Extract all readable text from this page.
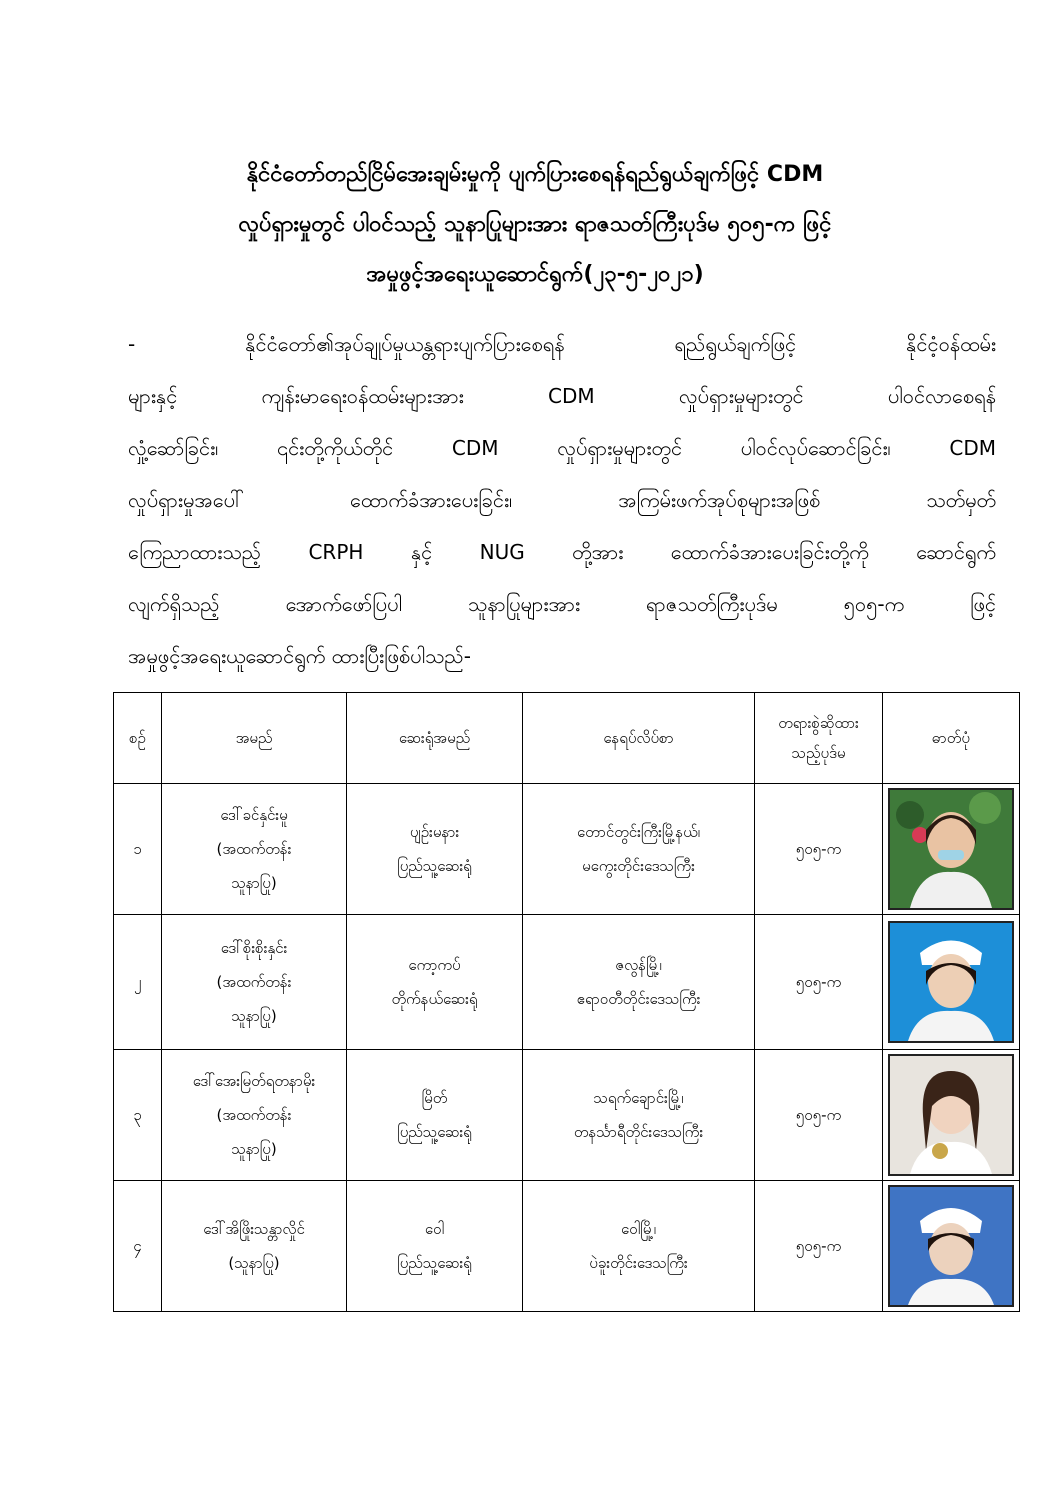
နိုင်ငံတော်တည်ငြိမ်အေးချမ်းမှုကို ပျက်ပြားစေရန်ရည်ရွယ်ချက်ဖြင့် CDM
လှုပ်ရှားမှုတွင် ပါဝင်သည့် သူနာပြုများအား ရာဇသတ်ကြီးပုဒ်မ ၅၀၅-က ဖြင့်
အမှုဖွင့်အရေးယူဆောင်ရွက်(၂၃-၅-၂၀၂၁)
- နိုင်ငံတော်၏အုပ်ချုပ်မှုယန္တရားပျက်ပြားစေရန် ရည်ရွယ်ချက်ဖြင့် နိုင်ငံ့ဝန်ထမ်း
များနှင့် ကျန်းမာရေးဝန်ထမ်းများအား CDM လှုပ်ရှားမှုများတွင် ပါဝင်လာစေရန်
လှုံ့ဆော်ခြင်း၊ ၎င်းတို့ကိုယ်တိုင် CDM လှုပ်ရှားမှုများတွင် ပါဝင်လုပ်ဆောင်ခြင်း၊ CDM
လှုပ်ရှားမှုအပေါ် ထောက်ခံအားပေးခြင်း၊ အကြမ်းဖက်အုပ်စုများအဖြစ် သတ်မှတ်
ကြေညာထားသည့် CRPH နှင့် NUG တို့အား ထောက်ခံအားပေးခြင်းတို့ကို ဆောင်ရွက်
လျက်ရှိသည့် အောက်ဖော်ပြပါ သူနာပြုများအား ရာဇသတ်ကြီးပုဒ်မ ၅၀၅-က ဖြင့်
အမှုဖွင့်အရေးယူဆောင်ရွက် ထားပြီးဖြစ်ပါသည်-
စဉ်	အမည်	ဆေးရုံအမည်	နေရပ်လိပ်စာ	တရားစွဲဆိုထား
သည့်ပုဒ်မ	ဓာတ်ပုံ
၁	ဒေါ်ခင်နှင်းမူ
(အထက်တန်း
သူနာပြု)	ပျဉ်းမနား
ပြည်သူ့ဆေးရုံ	တောင်တွင်းကြီးမြို့နယ်၊
မကွေးတိုင်းဒေသကြီး	၅၀၅-က	

၂	ဒေါ်စိုးစိုးနှင်း
(အထက်တန်း
သူနာပြု)	ကော့ကပ်
တိုက်နယ်ဆေးရုံ	ဇလွန်မြို့၊
ဧရာဝတီတိုင်းဒေသကြီး	၅၀၅-က	

၃	ဒေါ်အေးမြတ်ရတနာမိုး
(အထက်တန်း
သူနာပြု)	မြိတ်
ပြည်သူ့ဆေးရုံ	သရက်ချောင်းမြို့၊
တနင်္သာရီတိုင်းဒေသကြီး	၅၀၅-က	

၄	ဒေါ်အိဖြိုးသန္တာလှိုင်
(သူနာပြု)	ဝေါ
ပြည်သူ့ဆေးရုံ	ဝေါမြို့၊
ပဲခူးတိုင်းဒေသကြီး	၅၀၅-က	
